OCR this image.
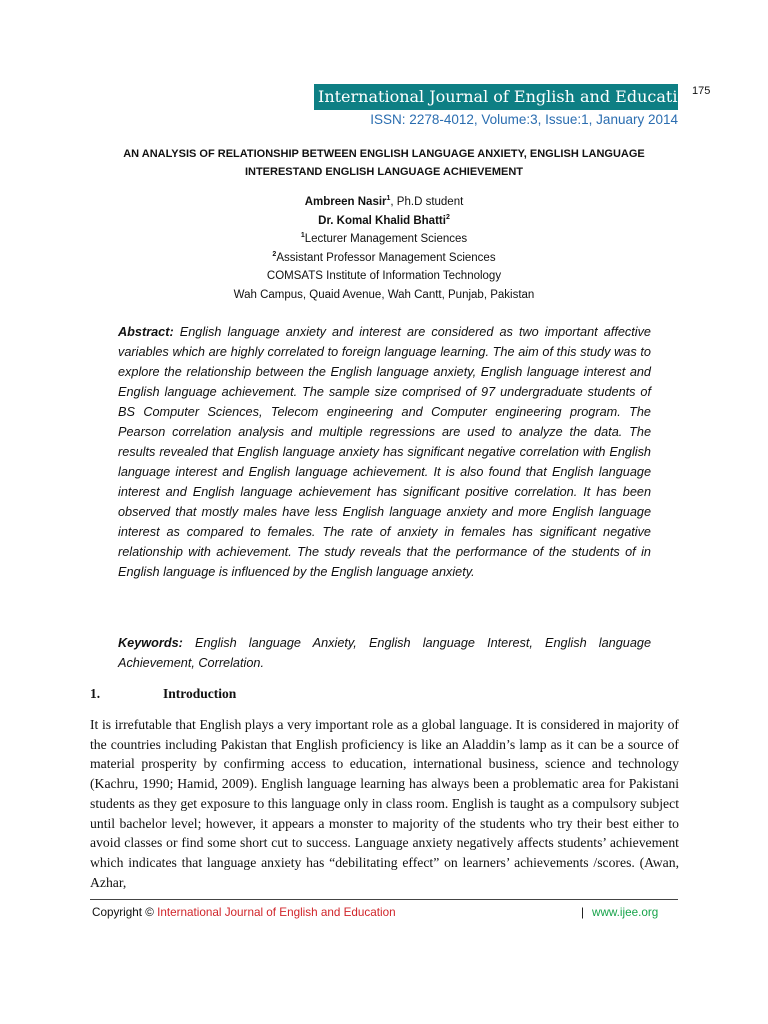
International Journal of English and Education
175
ISSN: 2278-4012, Volume:3, Issue:1, January 2014
AN ANALYSIS OF RELATIONSHIP BETWEEN ENGLISH LANGUAGE ANXIETY, ENGLISH LANGUAGE
INTERESTAND ENGLISH LANGUAGE ACHIEVEMENT
Ambreen Nasir$^1$, Ph.D student
Dr. Komal Khalid Bhatti$^2$
$^1$Lecturer Management Sciences
$^2$Assistant Professor Management Sciences
COMSATS Institute of Information Technology
Wah Campus, Quaid Avenue, Wah Cantt, Punjab, Pakistan

Abstract: English language anxiety and interest are considered as two important affective variables which are highly correlated to foreign language learning. The aim of this study was to explore the relationship between the English language anxiety, English language interest and English language achievement. The sample size comprised of 97 undergraduate students of BS Computer Sciences, Telecom engineering and Computer engineering program. The Pearson correlation analysis and multiple regressions are used to analyze the data. The results revealed that English language anxiety has significant negative correlation with English language interest and English language achievement. It is also found that English language interest and English language achievement has significant positive correlation. It has been observed that mostly males have less English language anxiety and more English language interest as compared to females. The rate of anxiety in females has significant negative relationship with achievement. The study reveals that the performance of the students of in English language is influenced by the English language anxiety.

Keywords: English language Anxiety, English language Interest, English language Achievement, Correlation.

1.	Introduction

It is irrefutable that English plays a very important role as a global language. It is considered in majority of the countries including Pakistan that English proficiency is like an Aladdin’s lamp as it can be a source of material prosperity by confirming access to education, international business, science and technology (Kachru, 1990; Hamid, 2009). English language learning has always been a problematic area for Pakistani students as they get exposure to this language only in class room. English is taught as a compulsory subject until bachelor level; however, it appears a monster to majority of the students who try their best either to avoid classes or find some short cut to success. Language anxiety negatively affects students’ achievement which indicates that language anxiety has “debilitating effect” on learners’ achievements /scores. (Awan, Azhar,

Copyright © International Journal of English and Education	| www.ijee.org
